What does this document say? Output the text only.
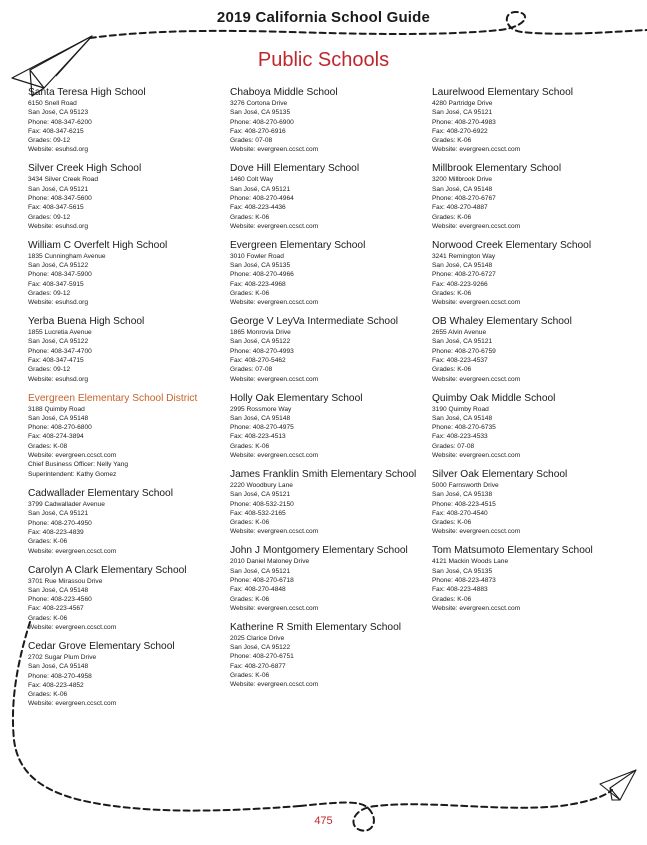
2019 California School Guide
Public Schools
Santa Teresa High School
6150 Snell Road
San José, CA 95123
Phone: 408-347-6200
Fax: 408-347-6215
Grades: 09-12
Website: esuhsd.org
Silver Creek High School
3434 Silver Creek Road
San José, CA 95121
Phone: 408-347-5600
Fax: 408-347-5615
Grades: 09-12
Website: esuhsd.org
William C Overfelt High School
1835 Cunningham Avenue
San José, CA 95122
Phone: 408-347-5900
Fax: 408-347-5915
Grades: 09-12
Website: esuhsd.org
Yerba Buena High School
1855 Lucretia Avenue
San José, CA 95122
Phone: 408-347-4700
Fax: 408-347-4715
Grades: 09-12
Website: esuhsd.org
Evergreen Elementary School District
3188 Quimby Road
San José, CA 95148
Phone: 408-270-6800
Fax: 408-274-3894
Grades: K-08
Website: evergreen.ccsct.com
Chief Business Officer: Nelly Yang
Superintendent: Kathy Gomez
Cadwallader Elementary School
3799 Cadwallader Avenue
San José, CA 95121
Phone: 408-270-4950
Fax: 408-223-4839
Grades: K-06
Website: evergreen.ccsct.com
Carolyn A Clark Elementary School
3701 Rue Mirassou Drive
San José, CA 95148
Phone: 408-223-4560
Fax: 408-223-4567
Grades: K-06
Website: evergreen.ccsct.com
Cedar Grove Elementary School
2702 Sugar Plum Drive
San José, CA 95148
Phone: 408-270-4958
Fax: 408-223-4852
Grades: K-06
Website: evergreen.ccsct.com
Chaboya Middle School
3276 Cortona Drive
San José, CA 95135
Phone: 408-270-6900
Fax: 408-270-6916
Grades: 07-08
Website: evergreen.ccsct.com
Dove Hill Elementary School
1460 Colt Way
San José, CA 95121
Phone: 408-270-4964
Fax: 408-223-4436
Grades: K-06
Website: evergreen.ccsct.com
Evergreen Elementary School
3010 Fowler Road
San José, CA 95135
Phone: 408-270-4966
Fax: 408-223-4968
Grades: K-06
Website: evergreen.ccsct.com
George V LeyVa Intermediate School
1865 Monrovia Drive
San José, CA 95122
Phone: 408-270-4993
Fax: 408-270-5462
Grades: 07-08
Website: evergreen.ccsct.com
Holly Oak Elementary School
2995 Rossmore Way
San José, CA 95148
Phone: 408-270-4975
Fax: 408-223-4513
Grades: K-06
Website: evergreen.ccsct.com
James Franklin Smith Elementary School
2220 Woodbury Lane
San José, CA 95121
Phone: 408-532-2150
Fax: 408-532-2165
Grades: K-06
Website: evergreen.ccsct.com
John J Montgomery Elementary School
2010 Daniel Maloney Drive
San José, CA 95121
Phone: 408-270-6718
Fax: 408-270-4848
Grades: K-06
Website: evergreen.ccsct.com
Katherine R Smith Elementary School
2025 Clarice Drive
San José, CA 95122
Phone: 408-270-6751
Fax: 408-270-6877
Grades: K-06
Website: evergreen.ccsct.com
Laurelwood Elementary School
4280 Partridge Drive
San José, CA 95121
Phone: 408-270-4983
Fax: 408-270-6922
Grades: K-06
Website: evergreen.ccsct.com
Millbrook Elementary School
3200 Millbrook Drive
San José, CA 95148
Phone: 408-270-6767
Fax: 408-270-4887
Grades: K-06
Website: evergreen.ccsct.com
Norwood Creek Elementary School
3241 Remington Way
San José, CA 95148
Phone: 408-270-6727
Fax: 408-223-9266
Grades: K-06
Website: evergreen.ccsct.com
OB Whaley Elementary School
2655 Alvin Avenue
San José, CA 95121
Phone: 408-270-6759
Fax: 408-223-4537
Grades: K-06
Website: evergreen.ccsct.com
Quimby Oak Middle School
3190 Quimby Road
San José, CA 95148
Phone: 408-270-6735
Fax: 408-223-4533
Grades: 07-08
Website: evergreen.ccsct.com
Silver Oak Elementary School
5000 Farnsworth Drive
San José, CA 95138
Phone: 408-223-4515
Fax: 408-270-4540
Grades: K-06
Website: evergreen.ccsct.com
Tom Matsumoto Elementary School
4121 Mackin Woods Lane
San José, CA 95135
Phone: 408-223-4873
Fax: 408-223-4883
Grades: K-06
Website: evergreen.ccsct.com
475
